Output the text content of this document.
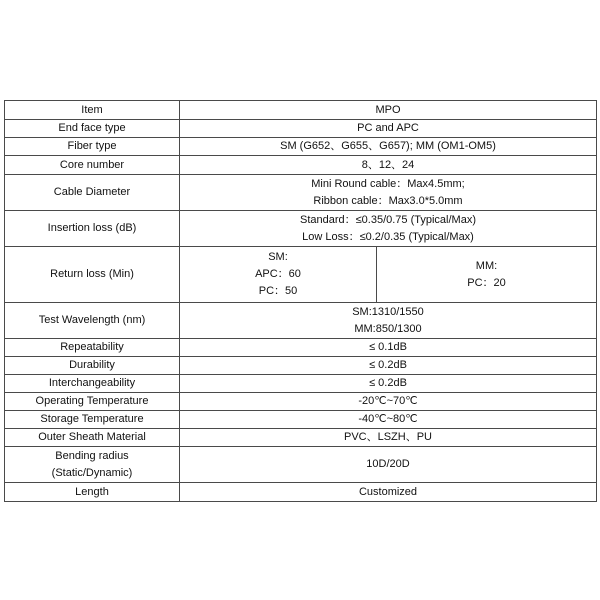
Item	MPO	
End face type	PC and APC	
Fiber type	SM (G652、G655、G657); MM (OM1-OM5)	
Core number	8、12、24	
Cable Diameter	Mini Round cable：Max4.5mm;
Ribbon cable：Max3.0*5.0mm	

Insertion loss (dB)	Standard：≤0.35/0.75 (Typical/Max)
Low Loss：≤0.2/0.35 (Typical/Max)	

Return loss (Min)	SM:
APC：60
PC：50	MM:
PC：20

Test Wavelength (nm)	SM:1310/1550
MM:850/1300	

Repeatability	≤ 0.1dB	
Durability	≤ 0.2dB	
Interchangeability	≤ 0.2dB	
Operating Temperature	-20℃~70℃	
Storage Temperature	-40℃~80℃	
Outer Sheath Material	PVC、LSZH、PU	

Bending radius
(Static/Dynamic)	10D/20D	
Length	Customized	
